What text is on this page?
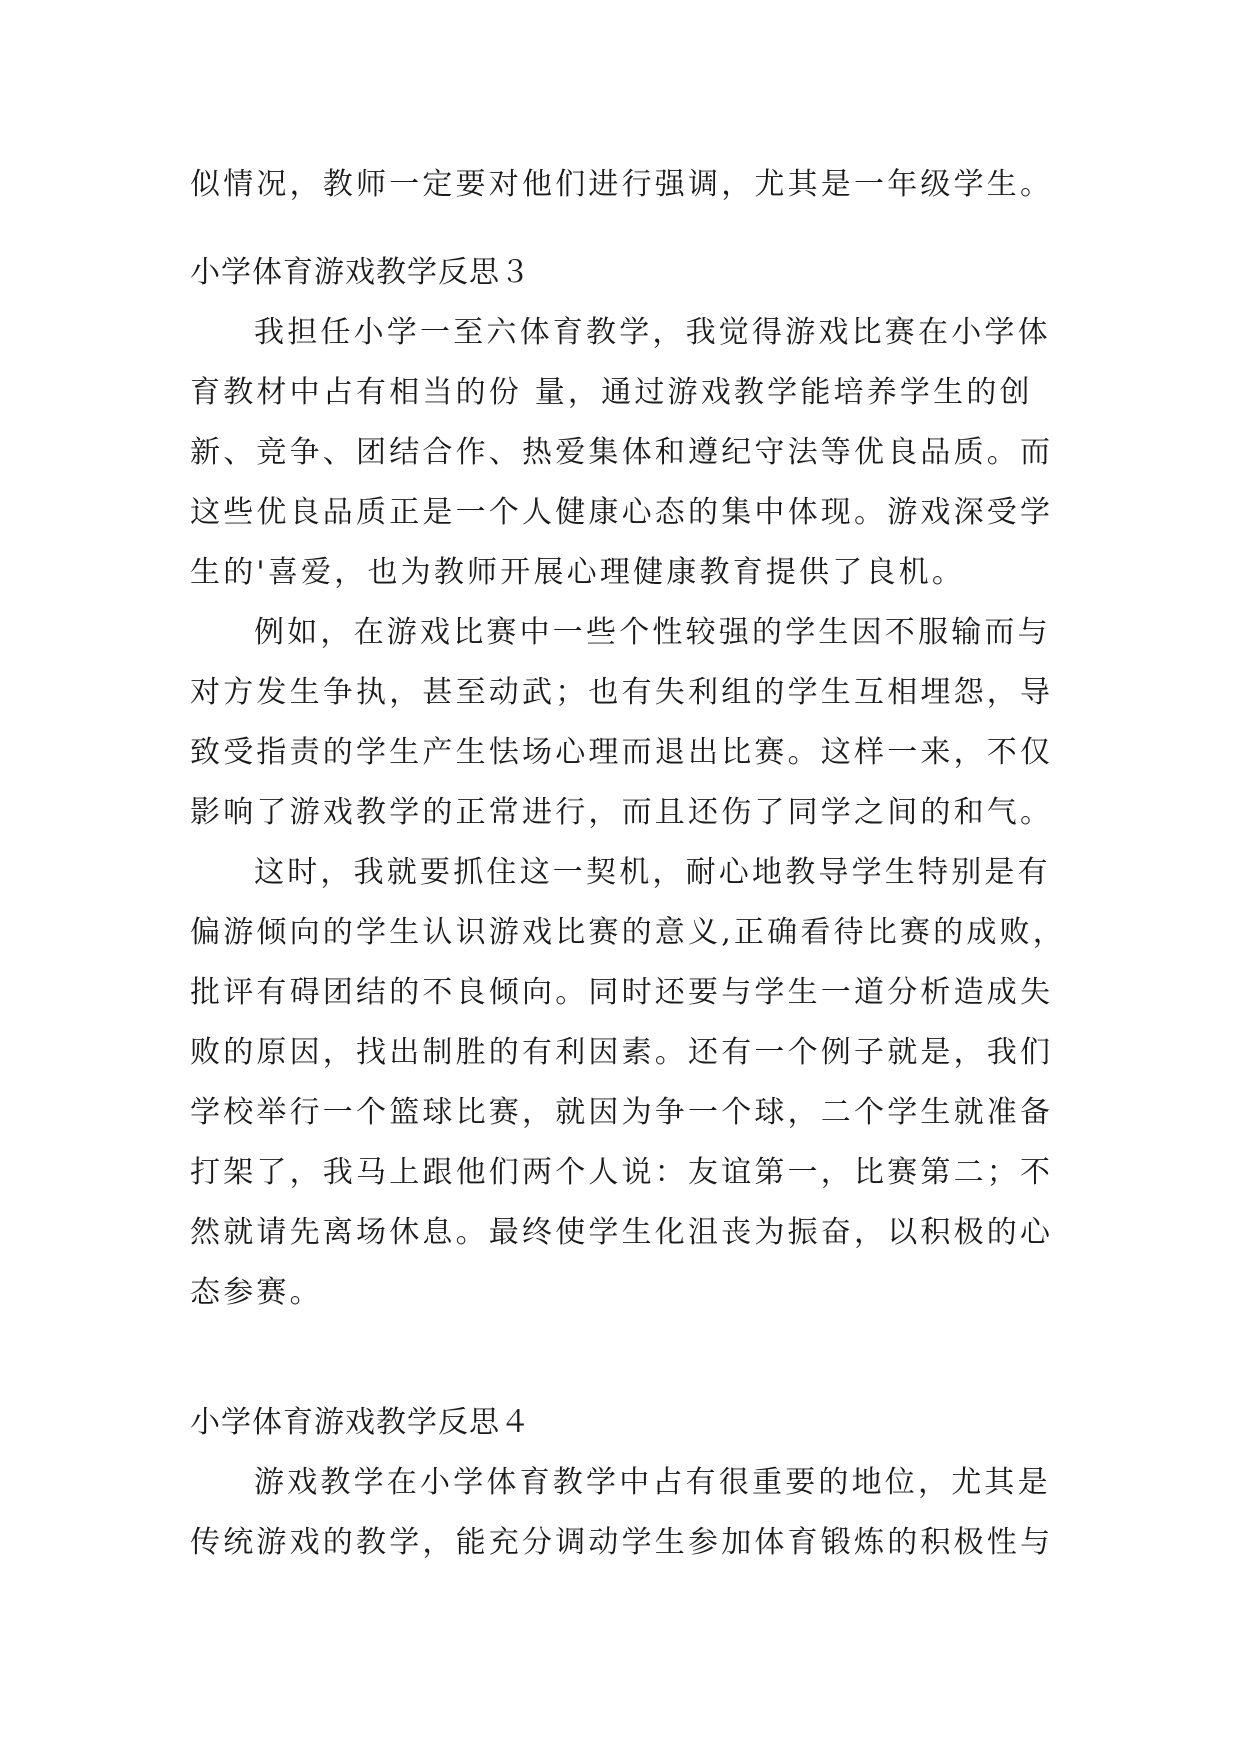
似情况，教师一定要对他们进行强调，尤其是一年级学生。
小学体育游戏教学反思３
我担任小学一至六体育教学，我觉得游戏比赛在小学体
育教材中占有相当的份 量，通过游戏教学能培养学生的创
新、竞争、团结合作、热爱集体和遵纪守法等优良品质。而
这些优良品质正是一个人健康心态的集中体现。游戏深受学
生的'喜爱，也为教师开展心理健康教育提供了良机。
例如，在游戏比赛中一些个性较强的学生因不服输而与
对方发生争执，甚至动武；也有失利组的学生互相埋怨，导
致受指责的学生产生怯场心理而退出比赛。这样一来，不仅
影响了游戏教学的正常进行，而且还伤了同学之间的和气。
这时，我就要抓住这一契机，耐心地教导学生特别是有
偏游倾向的学生认识游戏比赛的意义,正确看待比赛的成败，
批评有碍团结的不良倾向。同时还要与学生一道分析造成失
败的原因，找出制胜的有利因素。还有一个例子就是，我们
学校举行一个篮球比赛，就因为争一个球，二个学生就准备
打架了，我马上跟他们两个人说：友谊第一，比赛第二；不
然就请先离场休息。最终使学生化沮丧为振奋，以积极的心
态参赛。
小学体育游戏教学反思４
游戏教学在小学体育教学中占有很重要的地位，尤其是
传统游戏的教学，能充分调动学生参加体育锻炼的积极性与
